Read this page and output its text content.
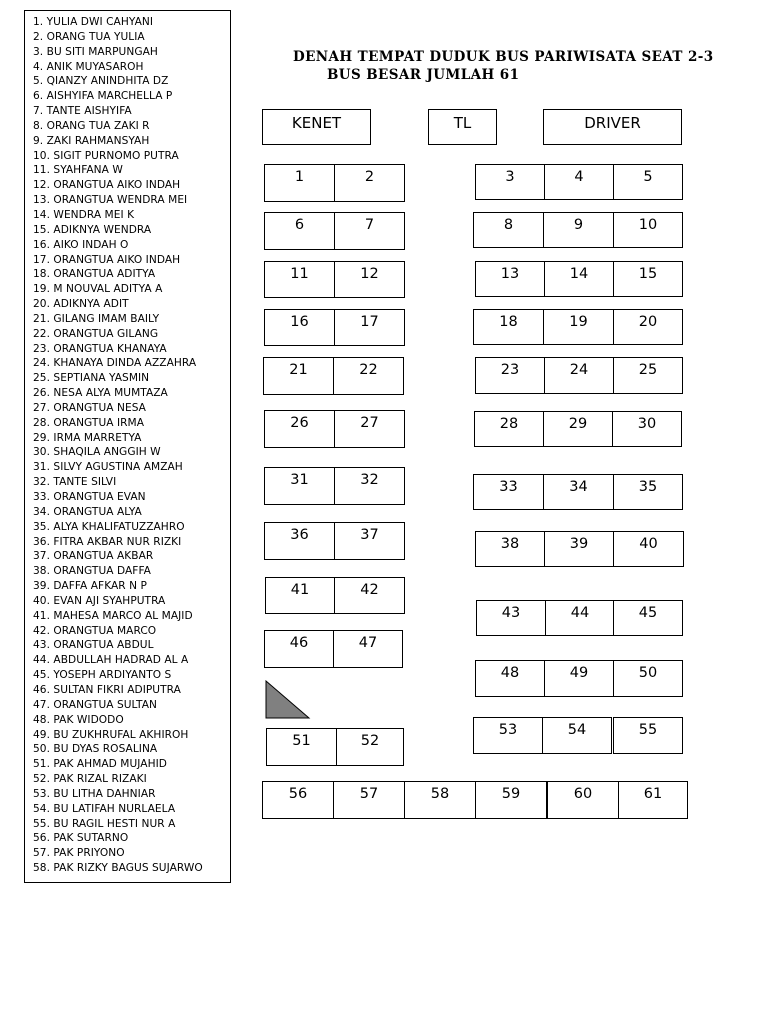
1. YULIA DWI CAHYANI
2. ORANG TUA YULIA
3. BU SITI MARPUNGAH
4. ANIK MUYASAROH
5. QIANZY ANINDHITA DZ
6. AISHYIFA MARCHELLA P
7. TANTE AISHYIFA
8. ORANG TUA ZAKI R
9. ZAKI RAHMANSYAH
10. SIGIT PURNOMO PUTRA
11. SYAHFANA W
12. ORANGTUA AIKO INDAH
13. ORANGTUA WENDRA MEI
14. WENDRA MEI K
15. ADIKNYA WENDRA
16. AIKO INDAH O
17. ORANGTUA AIKO INDAH
18. ORANGTUA ADITYA
19. M NOUVAL ADITYA A
20. ADIKNYA ADIT
21. GILANG IMAM BAILY
22. ORANGTUA GILANG
23. ORANGTUA KHANAYA
24. KHANAYA DINDA AZZAHRA
25. SEPTIANA YASMIN
26. NESA ALYA MUMTAZA
27. ORANGTUA NESA
28. ORANGTUA IRMA
29. IRMA MARRETYA
30. SHAQILA ANGGIH W
31. SILVY AGUSTINA AMZAH
32. TANTE SILVI
33. ORANGTUA EVAN
34. ORANGTUA ALYA
35. ALYA KHALIFATUZZAHRO
36. FITRA AKBAR NUR RIZKI
37. ORANGTUA AKBAR
38. ORANGTUA DAFFA
39. DAFFA AFKAR N P
40. EVAN AJI SYAHPUTRA
41. MAHESA MARCO AL MAJID
42. ORANGTUA MARCO
43. ORANGTUA ABDUL
44. ABDULLAH HADRAD AL A
45. YOSEPH ARDIYANTO S
46. SULTAN FIKRI ADIPUTRA
47. ORANGTUA SULTAN
48. PAK WIDODO
49. BU ZUKHRUFAL AKHIROH
50. BU DYAS ROSALINA
51. PAK AHMAD MUJAHID
52. PAK RIZAL RIZAKI
53. BU LITHA DAHNIAR
54. BU LATIFAH NURLAELA
55. BU RAGIL HESTI NUR A
56. PAK SUTARNO
57. PAK PRIYONO
58. PAK RIZKY BAGUS SUJARWO
DENAH TEMPAT DUDUK BUS PARIWISATA SEAT 2-3
BUS BESAR JUMLAH 61
KENET	TL	DRIVER
1	2	3	4	5
6	7	8	9	10
11	12	13	14	15
16	17	18	19	20
21	22	23	24	25
26	27	28	29	30
31	32	33	34	35
36	37
38	39	40
41	42
43	44	45
46	47
48	49	50
51	52
53	54	55
56	57	58	59	60	61
